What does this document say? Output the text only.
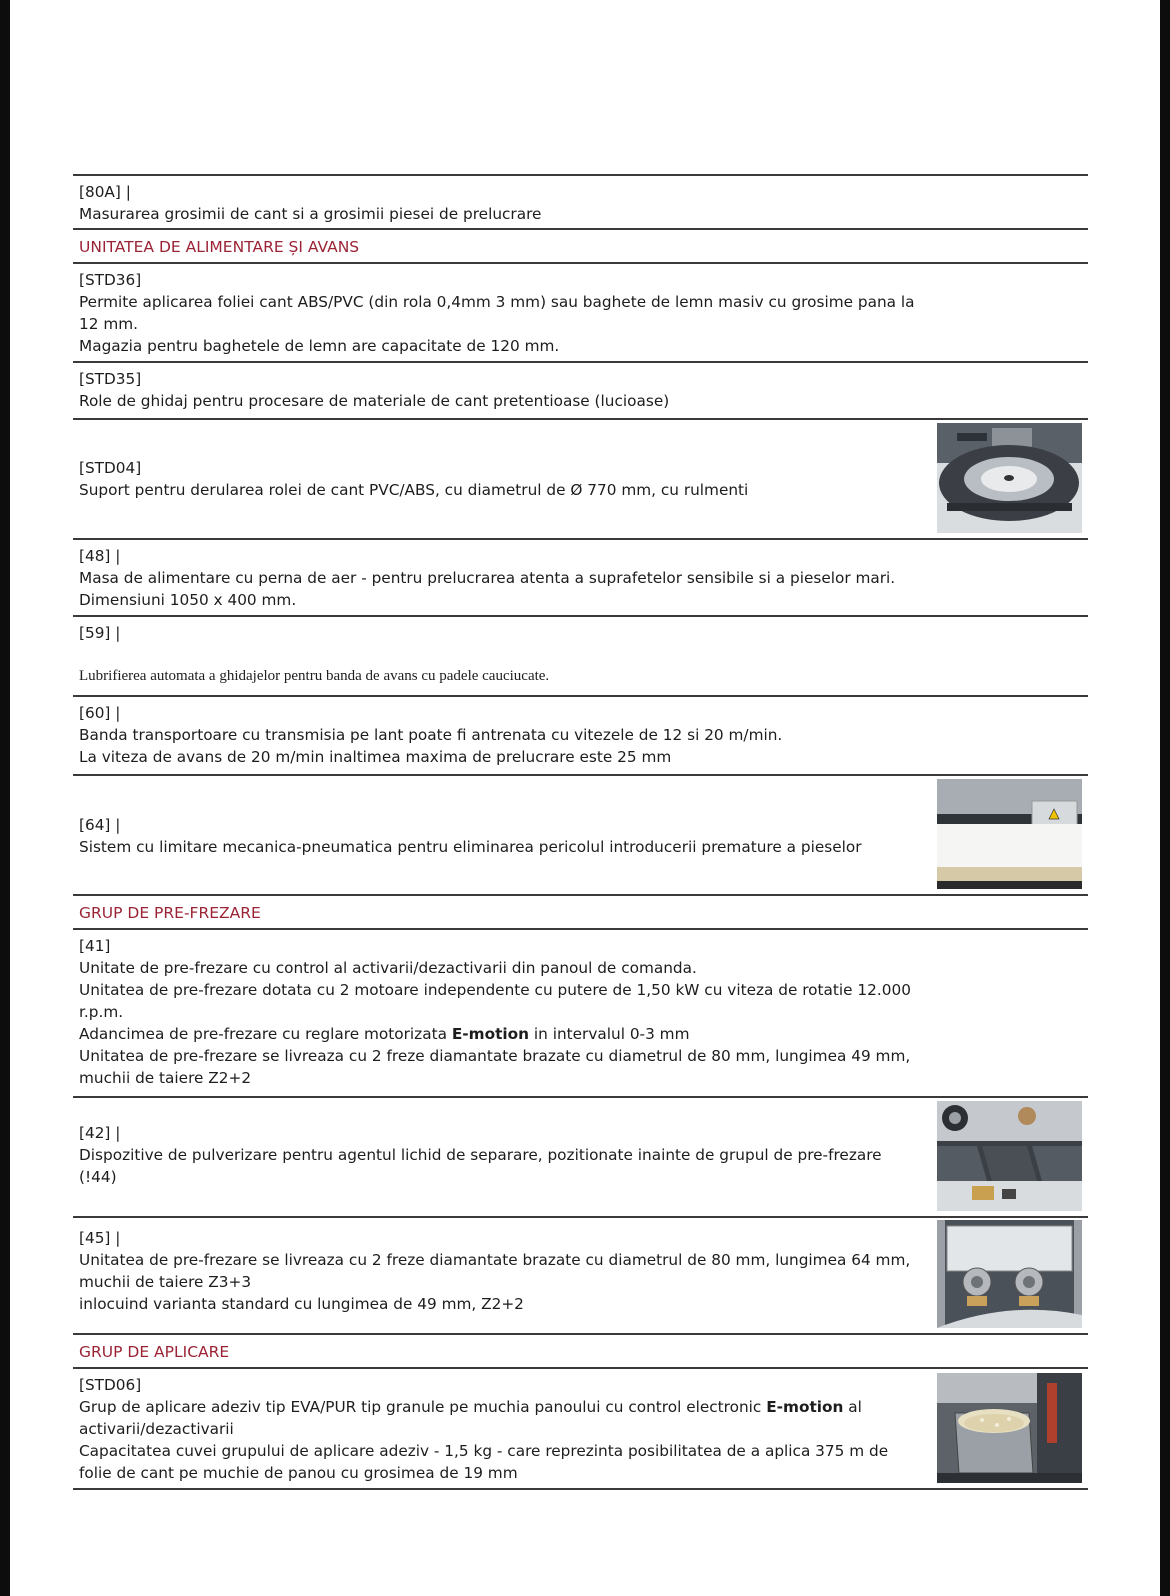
[80A] |
Masurarea grosimii de cant si a grosimii piesei de prelucrare
UNITATEA DE ALIMENTARE ȘI AVANS
[STD36]
Permite aplicarea foliei cant ABS/PVC (din rola 0,4mm 3 mm) sau baghete de lemn masiv cu grosime pana la
12 mm.
Magazia pentru baghetele de lemn are capacitate de 120 mm.
[STD35]
Role de ghidaj pentru procesare de materiale de cant pretentioase (lucioase)
[STD04]
Suport pentru derularea rolei de cant PVC/ABS, cu diametrul de Ø 770 mm, cu rulmenti
[48] |
Masa de alimentare cu perna de aer - pentru prelucrarea atenta a suprafetelor sensibile si a pieselor mari.
Dimensiuni 1050 x 400 mm.
[59] |
Lubrifierea automata a ghidajelor pentru banda de avans cu padele cauciucate.
[60] |
Banda transportoare cu transmisia pe lant poate fi antrenata cu vitezele de 12 si 20 m/min.
La viteza de avans de 20 m/min inaltimea maxima de prelucrare este 25 mm
[64] |
Sistem cu limitare mecanica-pneumatica pentru eliminarea pericolul introducerii premature a pieselor
GRUP DE PRE-FREZARE
[41]
Unitate de pre-frezare cu control al activarii/dezactivarii din panoul de comanda.
Unitatea de pre-frezare dotata cu 2 motoare independente cu putere de 1,50 kW cu viteza de rotatie 12.000
r.p.m.
Adancimea de pre-frezare cu reglare motorizata E-motion in intervalul 0-3 mm
Unitatea de pre-frezare se livreaza cu 2 freze diamantate brazate cu diametrul de 80 mm, lungimea 49 mm,
muchii de taiere Z2+2
[42] |
Dispozitive de pulverizare pentru agentul lichid de separare, pozitionate inainte de grupul de pre-frezare
(!44)
[45] |
Unitatea de pre-frezare se livreaza cu 2 freze diamantate brazate cu diametrul de 80 mm, lungimea 64 mm,
muchii de taiere Z3+3
inlocuind varianta standard cu lungimea de 49 mm, Z2+2
GRUP DE APLICARE
[STD06]
Grup de aplicare adeziv tip EVA/PUR tip granule pe muchia panoului cu control electronic E-motion al
activarii/dezactivarii
Capacitatea cuvei grupului de aplicare adeziv - 1,5 kg - care reprezinta posibilitatea de a aplica 375 m de
folie de cant pe muchie de panou cu grosimea de 19 mm
